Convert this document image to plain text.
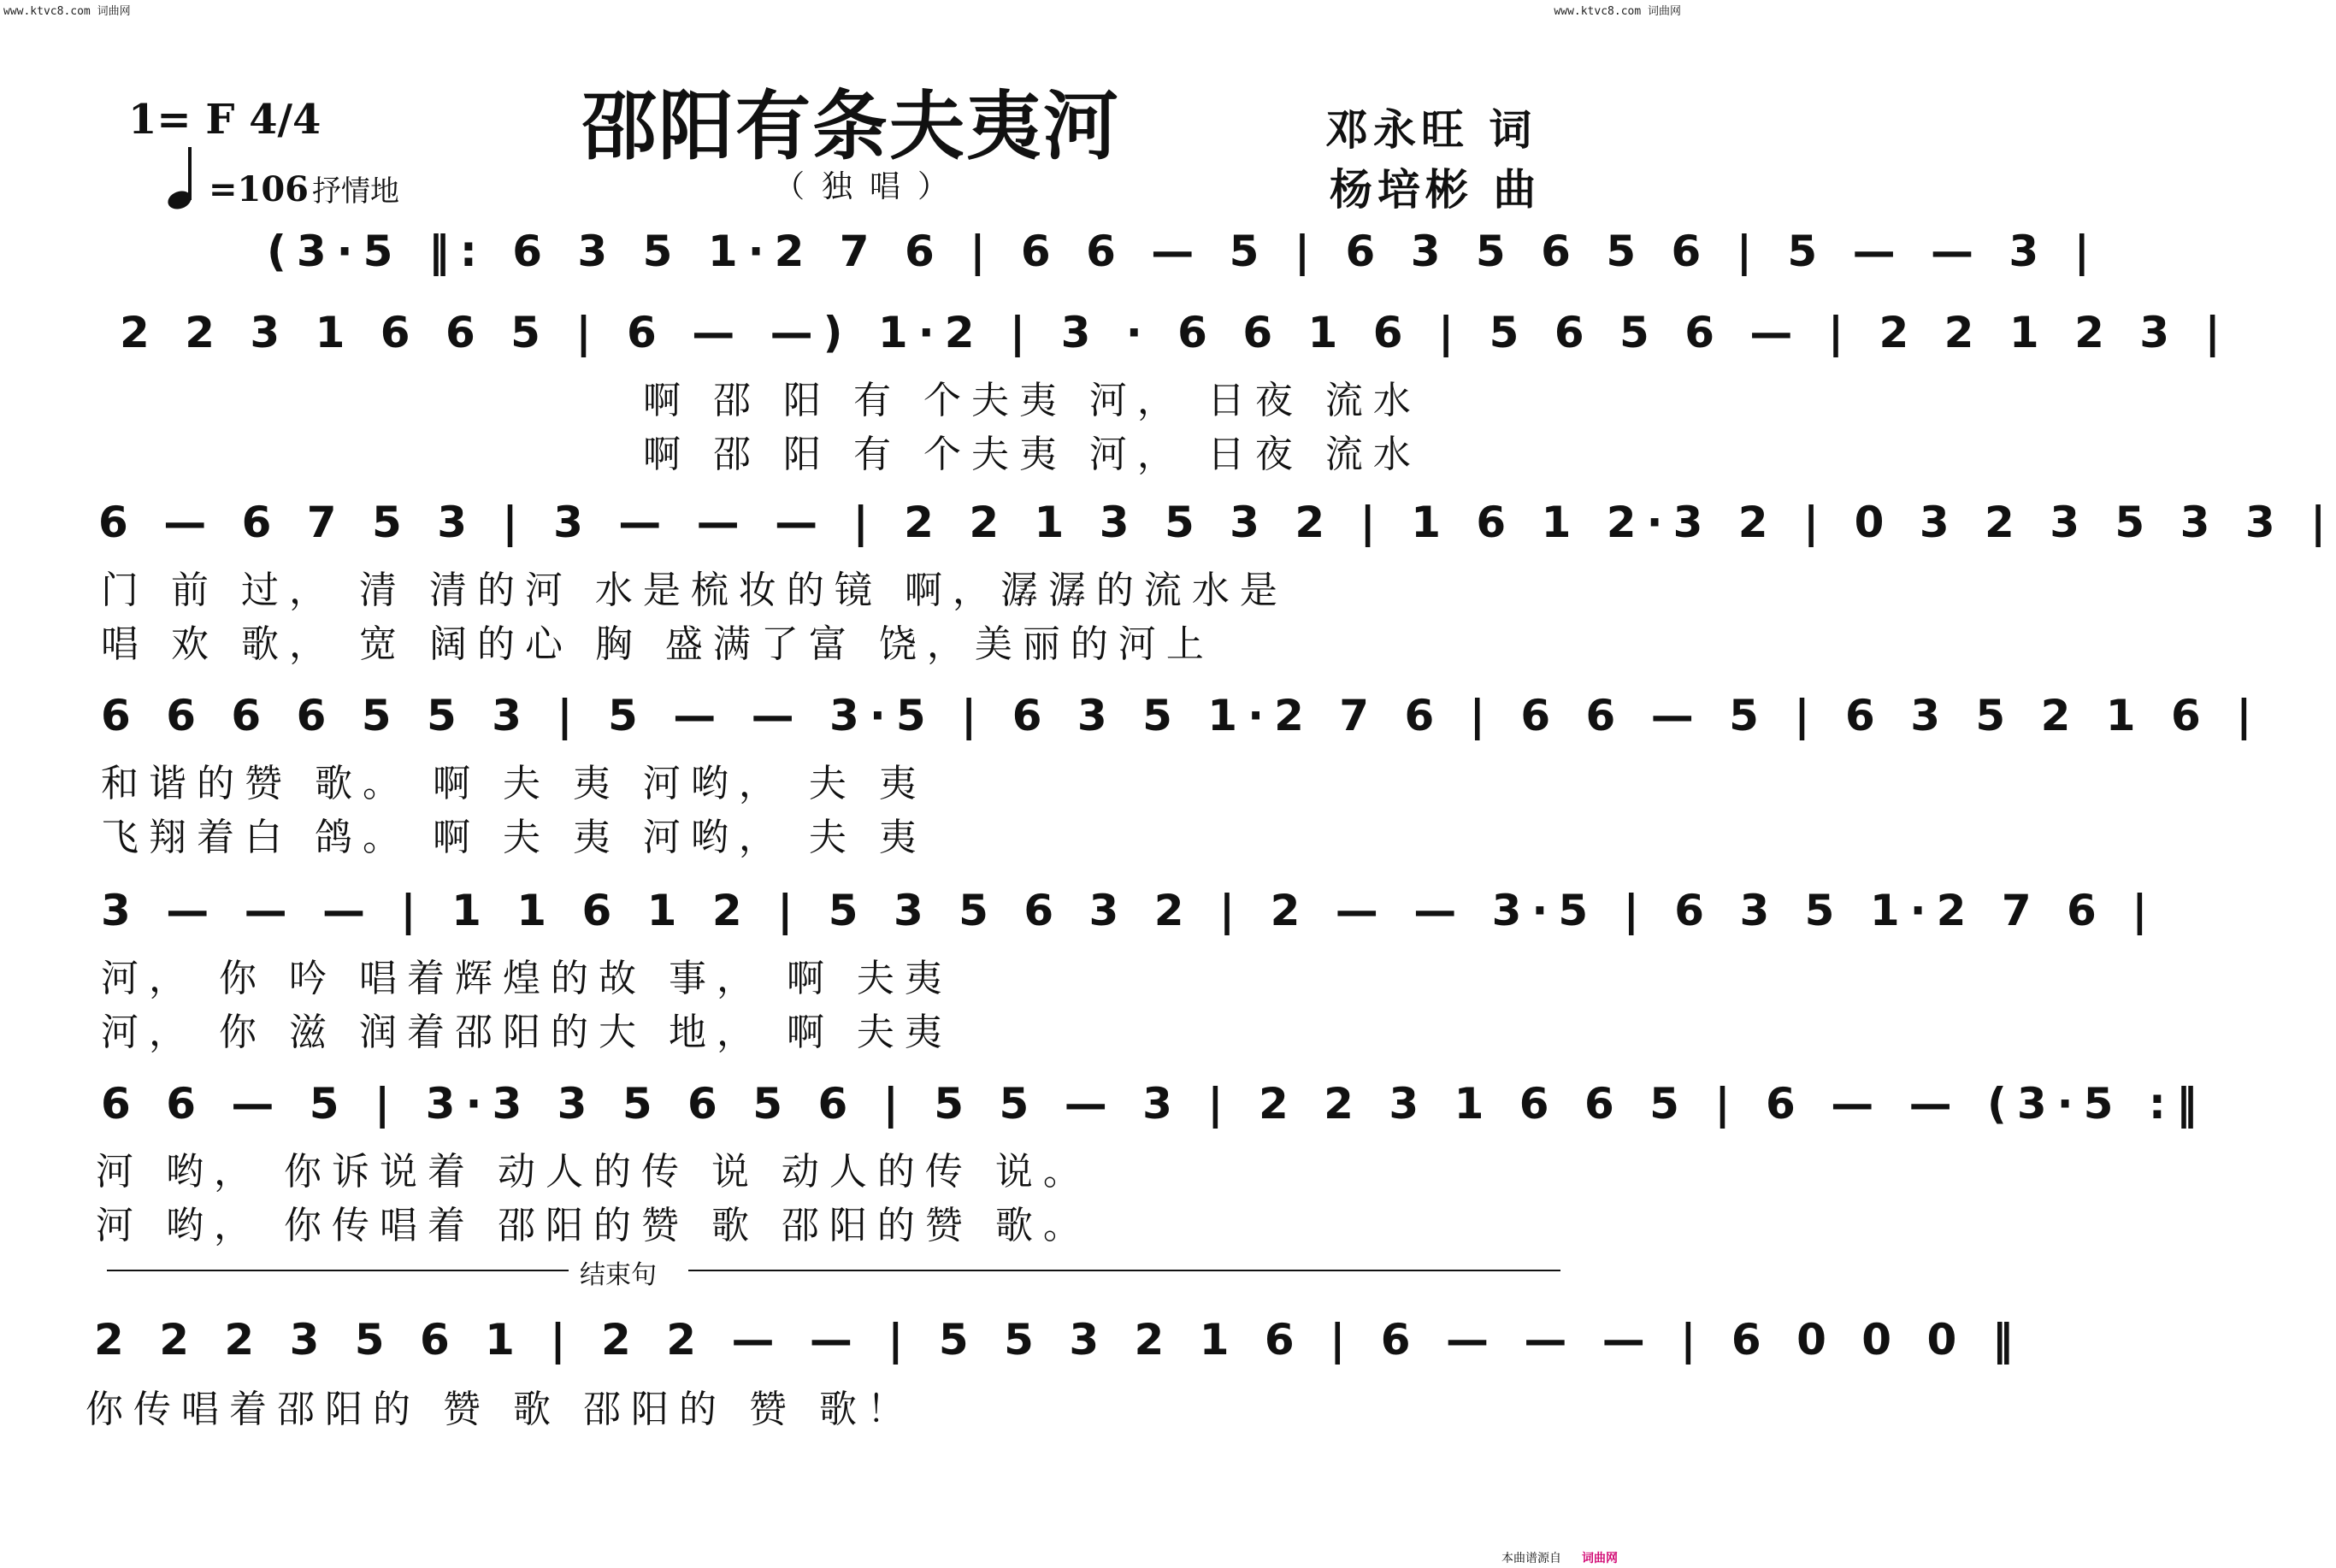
www.ktvc8.com 词曲网	www.ktvc8.com 词曲网
1= F 4/4
=106 抒情地
邵阳有条夫夷河
（独唱）
邓永旺 词
杨培彬 曲
(3·5 ‖: 6 3 5 1·2 7 6 | 6 6 — 5 | 6 3 5 6 5 6 | 5 — — 3 |
2 2 3 1 6 6 5 | 6 — —) 1·2 | 3 · 6 6 1 6 | 5 6 5 6 — | 2 2 1 2 3 |
啊 邵 阳 有 个夫夷 河， 日夜 流水
啊 邵 阳 有 个夫夷 河， 日夜 流水
6 — 6 7 5 3 | 3 — — — | 2 2 1 3 5 3 2 | 1 6 1 2·3 2 | 0 3 2 3 5 3 3 |
门 前 过， 清 清的河 水是梳妆的镜 啊，潺潺的流水是
唱 欢 歌， 宽 阔的心 胸 盛满了富 饶，美丽的河上
6 6 6 6 5 5 3 | 5 — — 3·5 | 6 3 5 1·2 7 6 | 6 6 — 5 | 6 3 5 2 1 6 |
和谐的赞 歌。 啊 夫 夷 河哟， 夫 夷
飞翔着白 鸽。 啊 夫 夷 河哟， 夫 夷
3 — — — | 1 1 6 1 2 | 5 3 5 6 3 2 | 2 — — 3·5 | 6 3 5 1·2 7 6 |
河， 你 吟 唱着辉煌的故 事， 啊 夫夷
河， 你 滋 润着邵阳的大 地， 啊 夫夷
6 6 — 5 | 3·3 3 5 6 5 6 | 5 5 — 3 | 2 2 3 1 6 6 5 | 6 — — (3·5 :‖
河 哟， 你诉说着 动人的传 说 动人的传 说。
河 哟， 你传唱着 邵阳的赞 歌 邵阳的赞 歌。
结束句
2 2 2 3 5 6 1 | 2 2 — — | 5 5 3 2 1 6 | 6 — — — | 6 0 0 0 ‖
你传唱着邵阳的 赞 歌 邵阳的 赞 歌！
本曲谱源自 词曲网
